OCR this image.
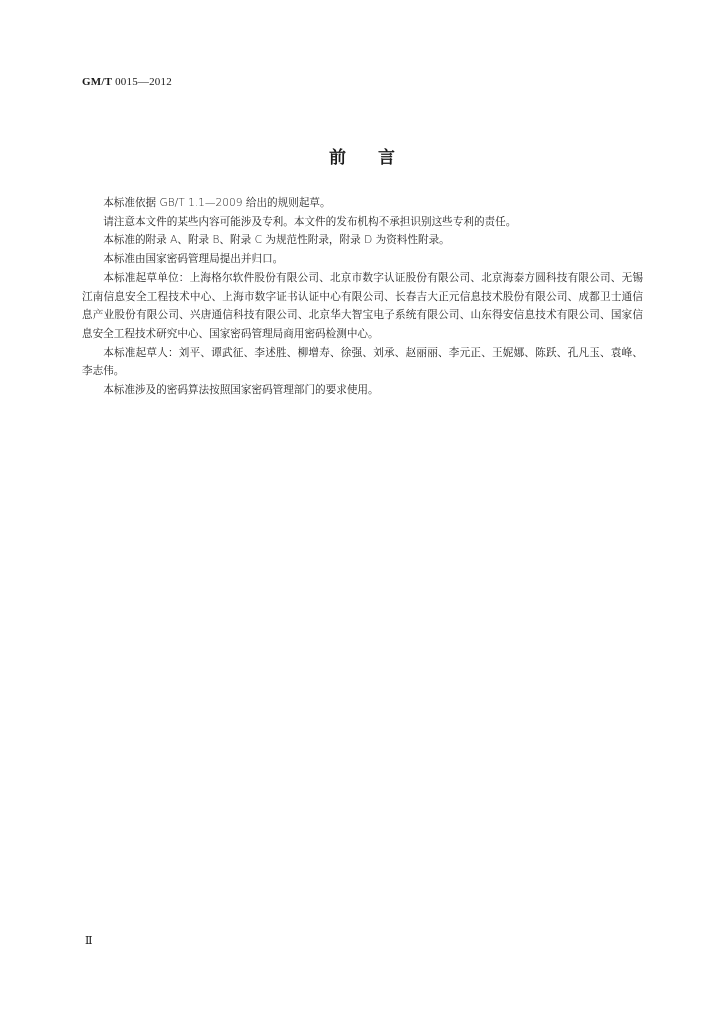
GM/T 0015—2012
前言

本标准依据 GB/T 1.1—2009 给出的规则起草。

请注意本文件的某些内容可能涉及专利。本文件的发布机构不承担识别这些专利的责任。

本标准的附录 A、附录 B、附录 C 为规范性附录，附录 D 为资料性附录。

本标准由国家密码管理局提出并归口。

本标准起草单位：上海格尔软件股份有限公司、北京市数字认证股份有限公司、北京海泰方圆科技有限公司、无锡江南信息安全工程技术中心、上海市数字证书认证中心有限公司、长春吉大正元信息技术股份有限公司、成都卫士通信息产业股份有限公司、兴唐通信科技有限公司、北京华大智宝电子系统有限公司、山东得安信息技术有限公司、国家信息安全工程技术研究中心、国家密码管理局商用密码检测中心。

本标准起草人：刘平、谭武征、李述胜、柳增寿、徐强、刘承、赵丽丽、李元正、王妮娜、陈跃、孔凡玉、袁峰、李志伟。

本标准涉及的密码算法按照国家密码管理部门的要求使用。

Ⅱ
